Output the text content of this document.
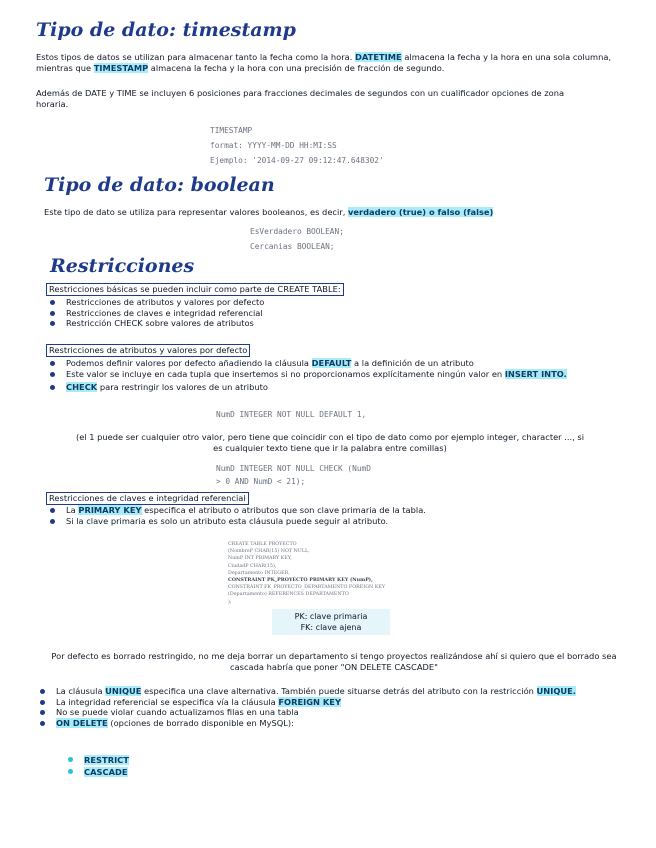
Tipo de dato: timestamp
Estos tipos de datos se utilizan para almacenar tanto la fecha como la hora. DATETIME almacena la fecha y la hora en una sola columna, mientras que TIMESTAMP almacena la fecha y la hora con una precisión de fracción de segundo.
Además de DATE y TIME se incluyen 6 posiciones para fracciones decimales de segundos con un cualificador opciones de zona horaria.
TIMESTAMP
format: YYYY-MM-DD HH:MI:SS
Ejemplo: '2014-09-27 09:12:47.648302'
Tipo de dato: boolean
Este tipo de dato se utiliza para representar valores booleanos, es decir, verdadero (true) o falso (false)
EsVerdadero BOOLEAN;
Cercanias BOOLEAN;
Restricciones
Restricciones básicas se pueden incluir como parte de CREATE TABLE:
Restricciones de atributos y valores por defecto
Restricciones de claves e integridad referencial
Restricción CHECK sobre valores de atributos
Restricciones de atributos y valores por defecto
Podemos definir valores por defecto añadiendo la cláusula DEFAULT a la definición de un atributo
Este valor se incluye en cada tupla que insertemos si no proporcionamos explícitamente ningún valor en INSERT INTO.
CHECK para restringir los valores de un atributo
NumD INTEGER NOT NULL DEFAULT 1,
(el 1 puede ser cualquier otro valor, pero tiene que coincidir con el tipo de dato como por ejemplo integer, character ..., si es cualquier texto tiene que ir la palabra entre comillas)
NumD INTEGER NOT NULL CHECK (NumD
> 0 AND NumD < 21);
Restricciones de claves e integridad referencial
La PRIMARY KEY especifica el atributo o atributos que son clave primaria de la tabla.
Si la clave primaria es solo un atributo esta cláusula puede seguir al atributo.
CREATE TABLE PROYECTO
(NombreP CHAR(15) NOT NULL,
NumP INT PRIMARY KEY,
CiudadP CHAR(15),
Departamento INTEGER,
CONSTRAINT PK_PROYECTO PRIMARY KEY (NumP),
CONSTRAINT FK_PROYECTO_DEPARTAMENTO FOREIGN KEY
(Departamento) REFERENCES DEPARTAMENTO
);
PK: clave primaria
FK: clave ajena
Por defecto es borrado restringido, no me deja borrar un departamento si tengo proyectos realizándose ahí si quiero que el borrado sea cascada habría que poner "ON DELETE CASCADE"
La cláusula UNIQUE especifica una clave alternativa. También puede situarse detrás del atributo con la restricción UNIQUE.
La integridad referencial se especifica vía la cláusula FOREIGN KEY
No se puede violar cuando actualizamos filas en una tabla
ON DELETE (opciones de borrado disponible en MySQL):
RESTRICT
CASCADE
